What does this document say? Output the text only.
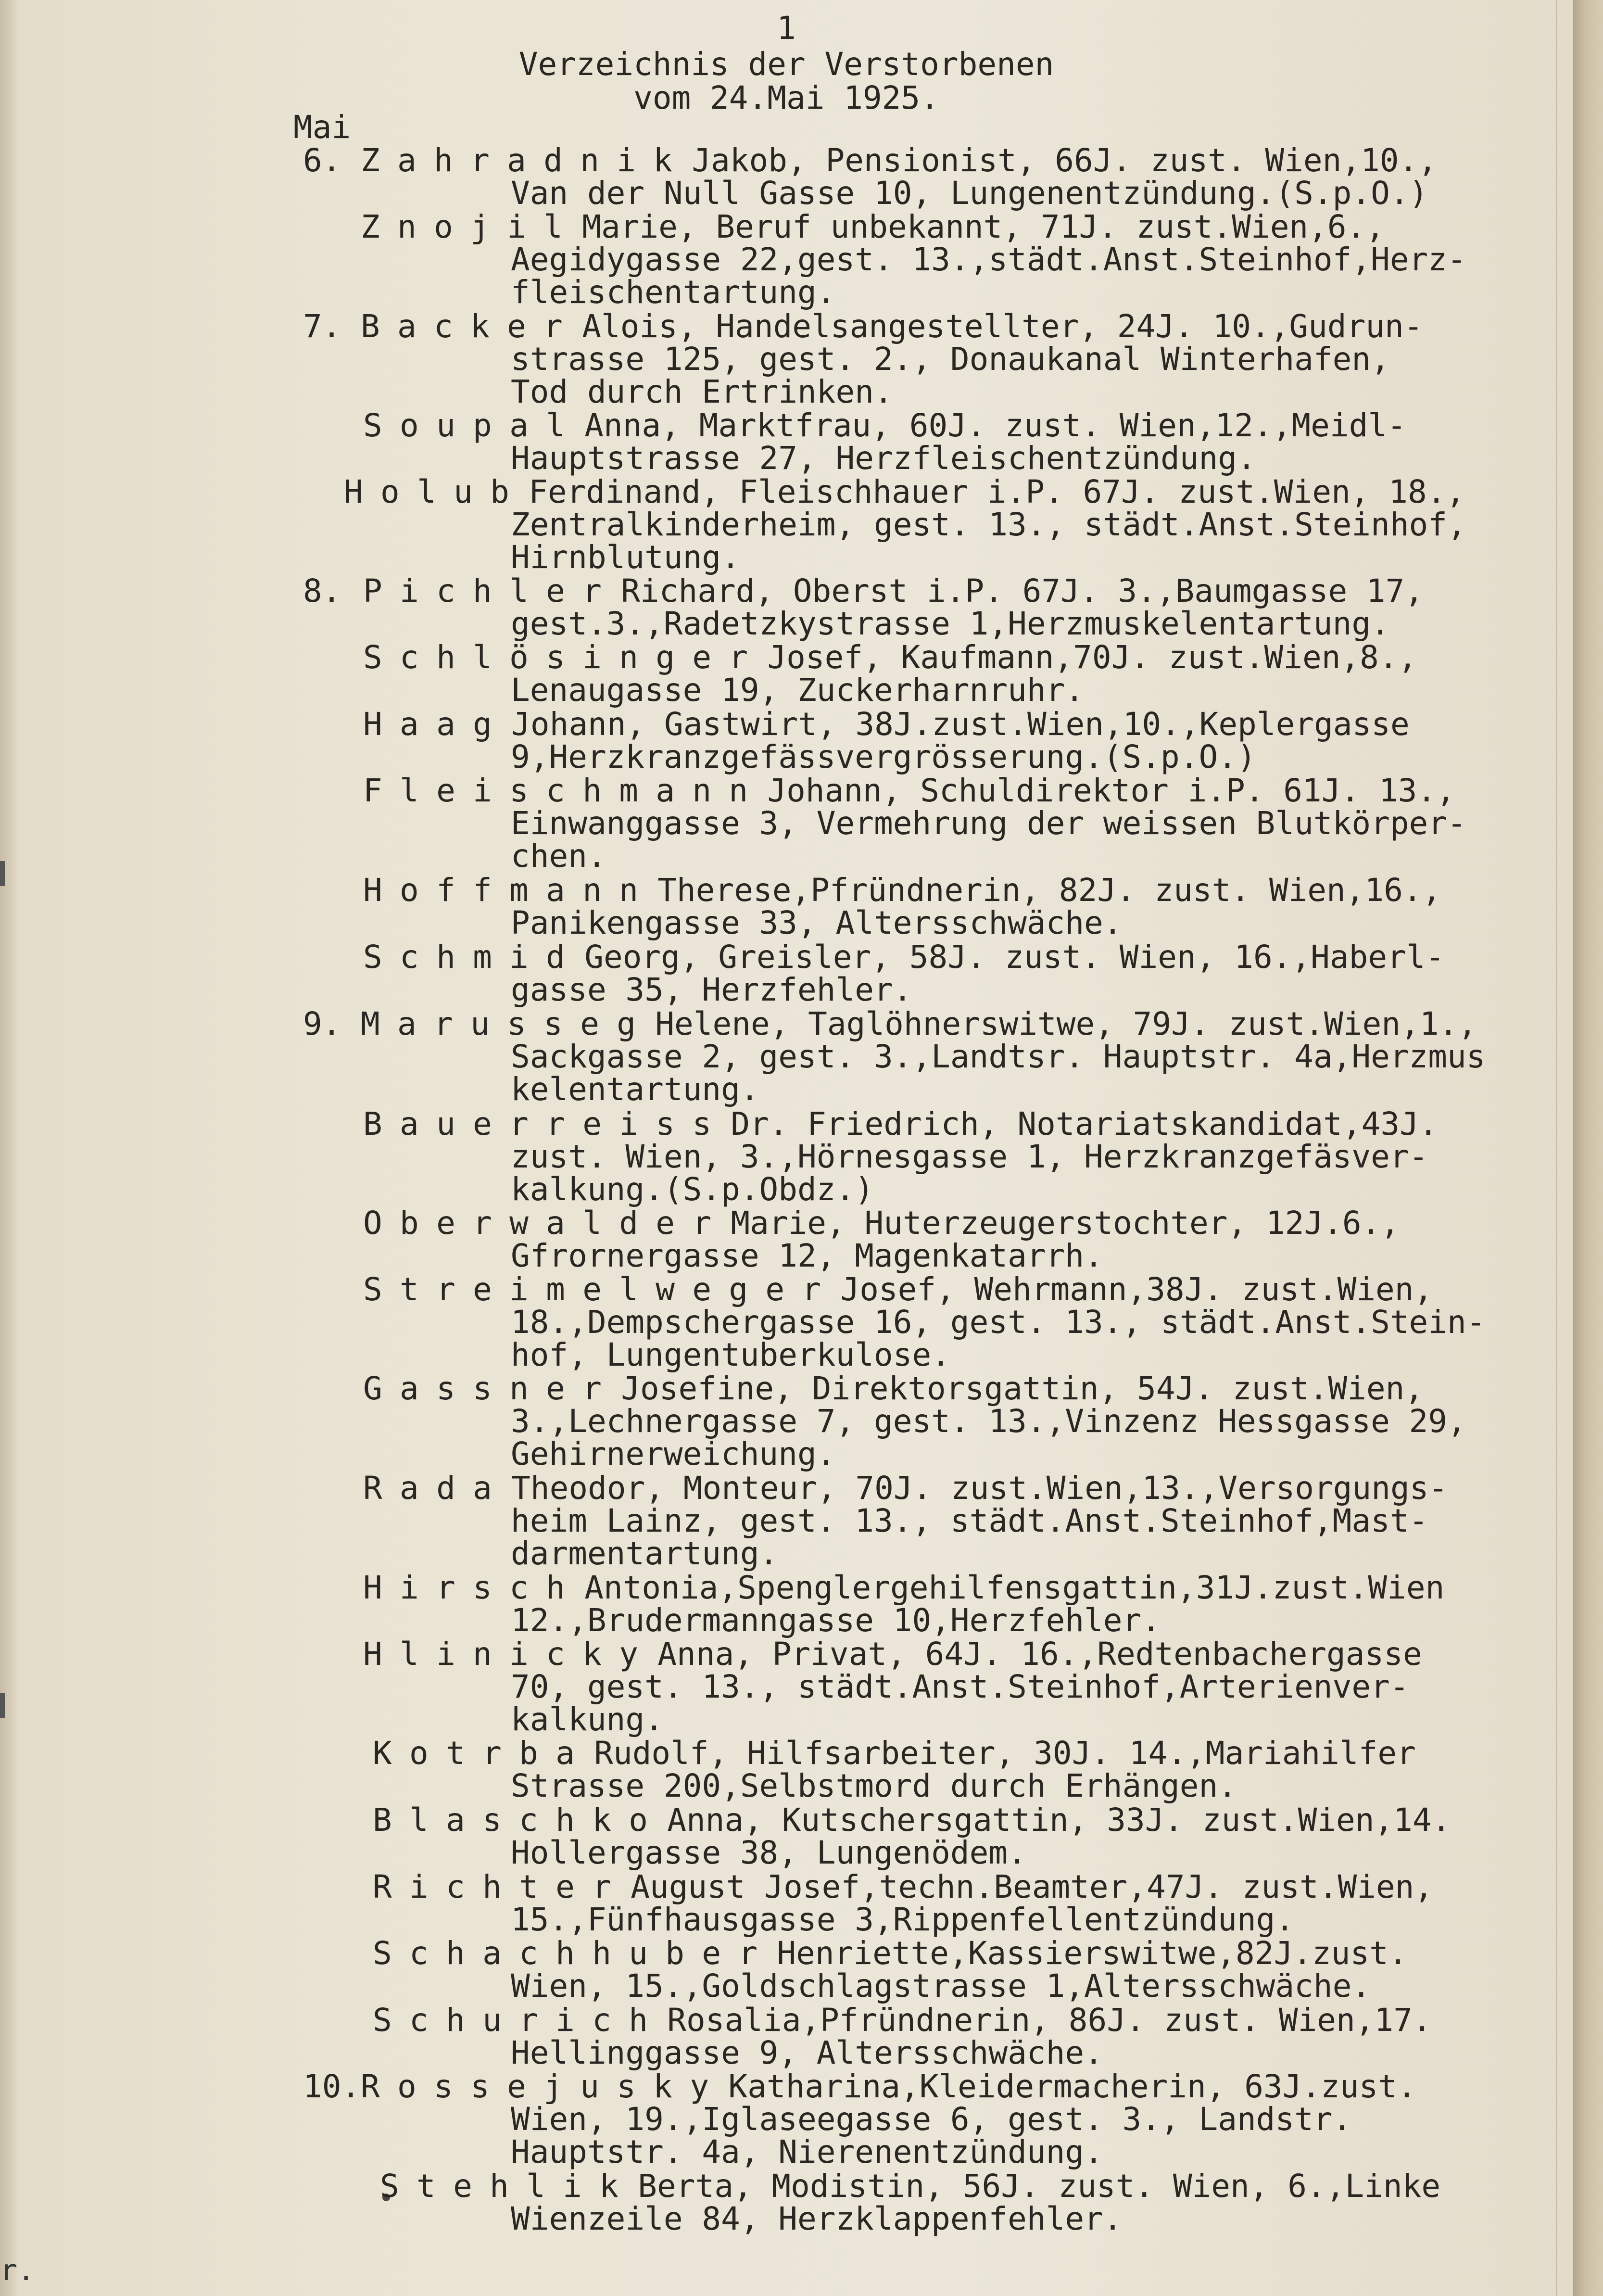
r.
1
Verzeichnis der Verstorbenen
vom 24.Mai 1925.
Mai
6. ZahradnikJakob, Pensionist, 66J. zust. Wien,10.,
Van der Null Gasse 10, Lungenentzündung.(S.p.O.)
ZnojilMarie, Beruf unbekannt, 71J. zust.Wien,6.,
Aegidygasse 22,gest. 13.,städt.Anst.Steinhof,Herz-
fleischentartung.
7. BackerAlois, Handelsangestellter, 24J. 10.,Gudrun-
strasse 125, gest. 2., Donaukanal Winterhafen,
Tod durch Ertrinken.
SoupalAnna, Marktfrau, 60J. zust. Wien,12.,Meidl-
Hauptstrasse 27, Herzfleischentzündung.
HolubFerdinand, Fleischhauer i.P. 67J. zust.Wien, 18.,
Zentralkinderheim, gest. 13., städt.Anst.Steinhof,
Hirnblutung.
8. PichlerRichard, Oberst i.P. 67J. 3.,Baumgasse 17,
gest.3.,Radetzkystrasse 1,Herzmuskelentartung.
SchlösingerJosef, Kaufmann,70J. zust.Wien,8.,
Lenaugasse 19, Zuckerharnruhr.
HaagJohann, Gastwirt, 38J.zust.Wien,10.,Keplergasse
9,Herzkranzgefässvergrösserung.(S.p.O.)
FleischmannJohann, Schuldirektor i.P. 61J. 13.,
Einwanggasse 3, Vermehrung der weissen Blutkörper-
chen.
HoffmannTherese,Pfründnerin, 82J. zust. Wien,16.,
Panikengasse 33, Altersschwäche.
SchmidGeorg, Greisler, 58J. zust. Wien, 16.,Haberl-
gasse 35, Herzfehler.
9. MarussegHelene, Taglöhnerswitwe, 79J. zust.Wien,1.,
Sackgasse 2, gest. 3.,Landtsr. Hauptstr. 4a,Herzmus
kelentartung.
BauerreissDr. Friedrich, Notariatskandidat,43J.
zust. Wien, 3.,Hörnesgasse 1, Herzkranzgefäsver-
kalkung.(S.p.Obdz.)
OberwalderMarie, Huterzeugerstochter, 12J.6.,
Gfrornergasse 12, Magenkatarrh.
StreimelwegerJosef, Wehrmann,38J. zust.Wien,
18.,Dempschergasse 16, gest. 13., städt.Anst.Stein-
hof, Lungentuberkulose.
GassnerJosefine, Direktorsgattin, 54J. zust.Wien,
3.,Lechnergasse 7, gest. 13.,Vinzenz Hessgasse 29,
Gehirnerweichung.
RadaTheodor, Monteur, 70J. zust.Wien,13.,Versorgungs-
heim Lainz, gest. 13., städt.Anst.Steinhof,Mast-
darmentartung.
HirschAntonia,Spenglergehilfensgattin,31J.zust.Wien
12.,Brudermanngasse 10,Herzfehler.
HlinickyAnna, Privat, 64J. 16.,Redtenbachergasse
70, gest. 13., städt.Anst.Steinhof,Arterienver-
kalkung.
KotrbaRudolf, Hilfsarbeiter, 30J. 14.,Mariahilfer
Strasse 200,Selbstmord durch Erhängen.
BlaschkoAnna, Kutschersgattin, 33J. zust.Wien,14.
Hollergasse 38, Lungenödem.
RichterAugust Josef,techn.Beamter,47J. zust.Wien,
15.,Fünfhausgasse 3,Rippenfellentzündung.
SchachhuberHenriette,Kassierswitwe,82J.zust.
Wien, 15.,Goldschlagstrasse 1,Altersschwäche.
SchurichRosalia,Pfründnerin, 86J. zust. Wien,17.
Hellinggasse 9, Altersschwäche.
10. RossejuskyKatharina,Kleidermacherin, 63J.zust.
Wien, 19.,Iglaseegasse 6, gest. 3., Landstr.
Hauptstr. 4a, Nierenentzündung.
StehlikBerta, Modistin, 56J. zust. Wien, 6.,Linke
Wienzeile 84, Herzklappenfehler.
